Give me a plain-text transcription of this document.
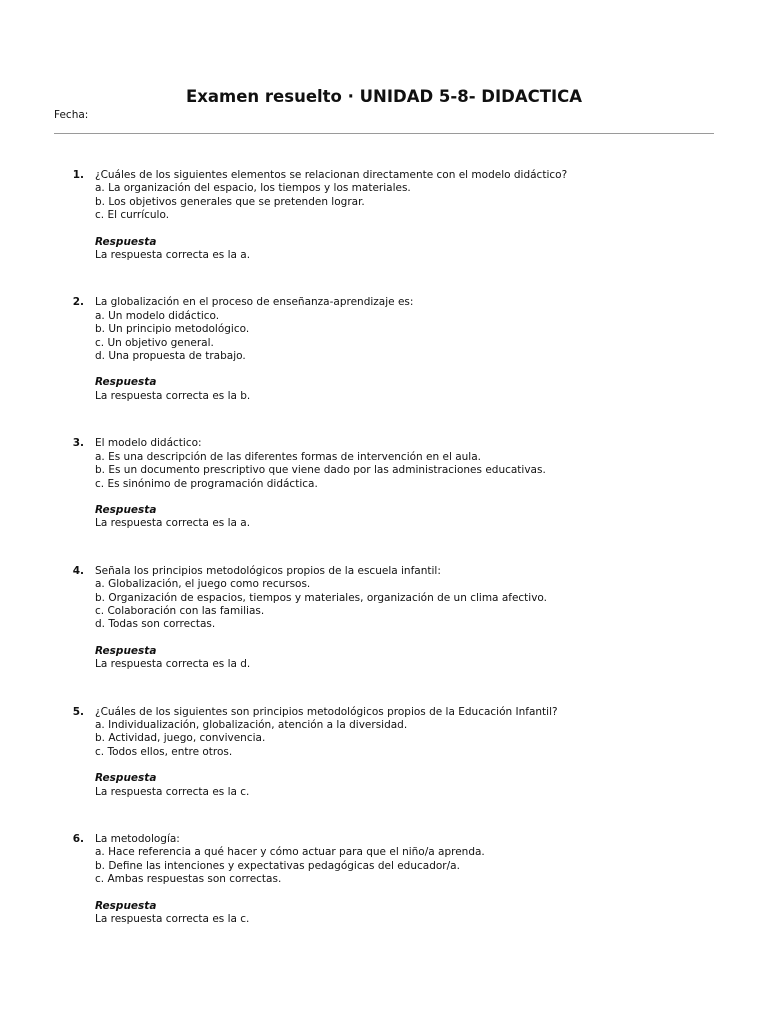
Examen resuelto · UNIDAD 5-8- DIDACTICA
Fecha:
1. ¿Cuáles de los siguientes elementos se relacionan directamente con el modelo didáctico?
a. La organización del espacio, los tiempos y los materiales.
b. Los objetivos generales que se pretenden lograr.
c. El currículo.
Respuesta
La respuesta correcta es la a.
2. La globalización en el proceso de enseñanza-aprendizaje es:
a. Un modelo didáctico.
b. Un principio metodológico.
c. Un objetivo general.
d. Una propuesta de trabajo.
Respuesta
La respuesta correcta es la b.
3. El modelo didáctico:
a. Es una descripción de las diferentes formas de intervención en el aula.
b. Es un documento prescriptivo que viene dado por las administraciones educativas.
c. Es sinónimo de programación didáctica.
Respuesta
La respuesta correcta es la a.
4. Señala los principios metodológicos propios de la escuela infantil:
a. Globalización, el juego como recursos.
b. Organización de espacios, tiempos y materiales, organización de un clima afectivo.
c. Colaboración con las familias.
d. Todas son correctas.
Respuesta
La respuesta correcta es la d.
5. ¿Cuáles de los siguientes son principios metodológicos propios de la Educación Infantil?
a. Individualización, globalización, atención a la diversidad.
b. Actividad, juego, convivencia.
c. Todos ellos, entre otros.
Respuesta
La respuesta correcta es la c.
6. La metodología:
a. Hace referencia a qué hacer y cómo actuar para que el niño/a aprenda.
b. Define las intenciones y expectativas pedagógicas del educador/a.
c. Ambas respuestas son correctas.
Respuesta
La respuesta correcta es la c.
